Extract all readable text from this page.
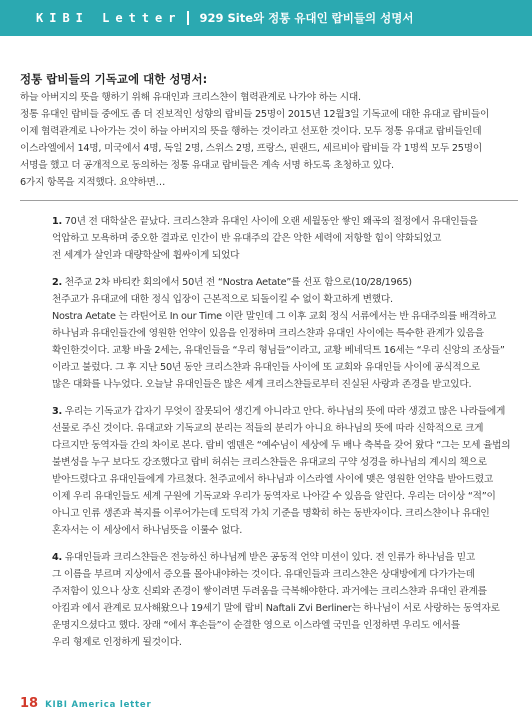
KIBI Letter 929 Site와 정통 유대인 랍비들의 성명서
정통 랍비들의 기독교에 대한 성명서:

하늘 아버지의 뜻을 행하기 위해 유대인과 크리스챤이 협력관계로 나가야 하는 시대.

정통 유대인 랍비들 중에도 좀 더 진보적인 성향의 랍비들 25명이 2015년 12월3일 기독교에 대한 유대교 랍비들이

이제 협력관계로 나아가는 것이 하늘 아버지의 뜻을 행하는 것이라고 선포한 것이다. 모두 정통 유대교 랍비들인데

이스라엘에서 14명, 미국에서 4명, 독일 2명, 스위스 2명, 프랑스, 핀랜드, 세르비아 랍비들 각 1명씩 모두 25명이

서명을 했고 더 공개적으로 동의하는 정통 유대교 랍비들은 계속 서명 하도록 초청하고 있다.

6가지 항목을 지적했다. 요약하면…

1. 70년 전 대학살은 끝났다. 크리스챤과 유대인 사이에 오랜 세월동안 쌓인 왜곡의 절정에서 유대인들을

억압하고 모욕하며 중오한 결과로 인간이 반 유대주의 같은 악한 세력에 저항할 힘이 약화되었고

전 세계가 살인과 대량학살에 휩싸이게 되었다

2. 천주교 2차 바티칸 회의에서 50년 전 “Nostra Aetate”를 선포 함으로(10/28/1965)

천주교가 유대교에 대한 정식 입장이 근본적으로 되돌이킬 수 없이 확고하게 변했다.

Nostra Aetate 는 라틴어로 In our Time 이란 말인데 그 이후 교회 정식 서류에서는 반 유대주의를 배격하고

하나님과 유대인들간에 영원한 언약이 있음을 인정하며 크리스챤과 유대인 사이에는 특수한 관계가 있음을

확인한것이다. 교황 바울 2세는, 유대인들을 “우리 형님들”이라고, 교황 베네딕트 16세는 “우리 신앙의 조상들”

이라고 불렀다. 그 후 지난 50년 동안 크리스챤과 유대인들 사이에 또 교회와 유대인들 사이에 공식적으로

많은 대화를 나누었다. 오늘날 유대인들은 많은 세계 크리스챤들로부터 진실된 사랑과 존경을 받고있다.

3. 우리는 기독교가 갑자기 무엇이 잘못되어 생긴게 아니라고 안다. 하나님의 뜻에 따라 생겼고 많은 나라들에게

선물로 주신 것이다. 유대교와 기독교의 분리는 적들의 분리가 아니요 하나님의 뜻에 따라 신학적으로 크게

다르지만 동역자들 간의 차이로 본다. 랍비 엠덴은 “예수님이 세상에 두 배나 축복을 갖어 왔다 “그는 모세 율법의

불변성을 누구 보다도 강조했다고 랍비 허쉬는 크리스챤들은 유대교의 구약 성경을 하나님의 계시의 책으로

받아드렸다고 유대인들에게 가르쳤다. 천주교에서 하나님과 이스라엘 사이에 맺은 영원한 언약을 받아드렸고

이제 우리 유대인들도 세계 구원에 기독교와 우리가 동역자로 나아갈 수 있음을 알린다. 우리는 더이상 “적”이

아니고 인류 생존과 복지를 이루어가는데 도덕적 가치 기준을 명확히 하는 동반자이다. 크리스챤이나 유대인

혼자서는 이 세상에서 하나님뜻을 이룰수 없다.

4. 유대인들과 크리스챤들은 전능하신 하나님께 받은 공동적 언약 미션이 있다. 전 인류가 하나님을 믿고

그 이름을 부르며 지상에서 증오를 몰아내야하는 것이다. 유대인들과 크리스챤은 상대방에게 다가가는데

주저함이 있으나 상호 신뢰와 존경이 쌓이려면 두려움을 극복해야한다. 과거에는 크리스챤과 유대인 관계를

아킴과 에서 관계로 묘사해왔으나 19세기 말에 랍비 Naftali Zvi Berliner는 하나님이 서로 사랑하는 동역자로

운명지으셨다고 했다. 장래 “에서 후손들”이 순결한 영으로 이스라엘 국민을 인정하면 우리도 에서를

우리 형제로 인정하게 될것이다.

18 KIBI America letter
